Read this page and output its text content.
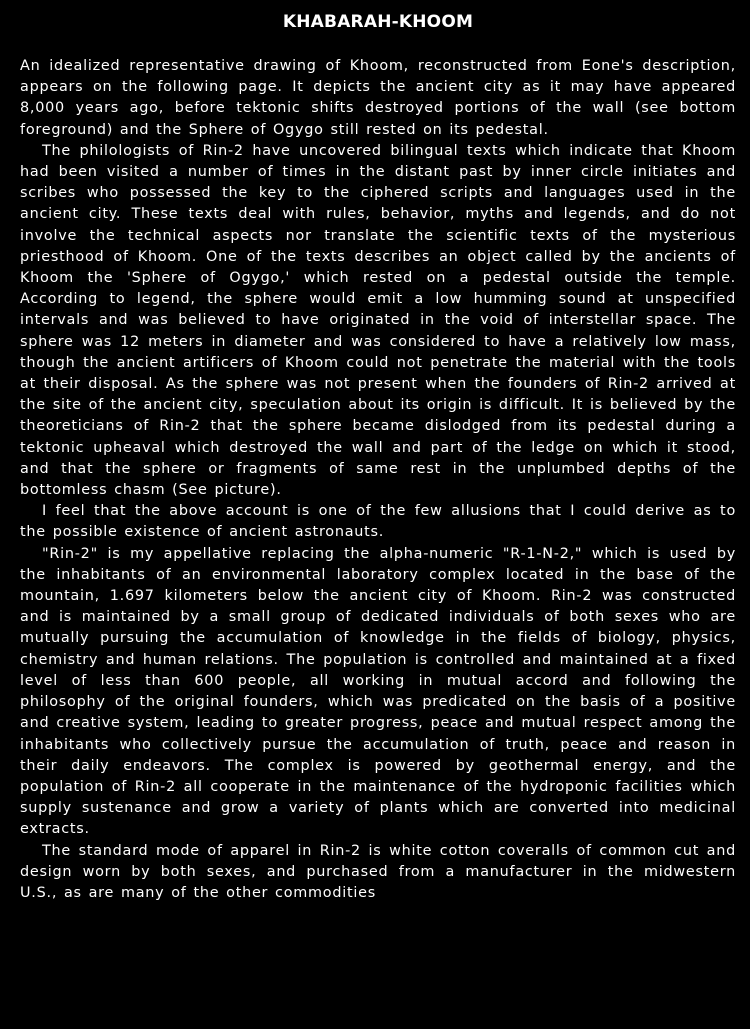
KHABARAH-KHOOM

An idealized representative drawing of Khoom, reconstructed from Eone's description, appears on the following page. It depicts the ancient city as it may have appeared 8,000 years ago, before tektonic shifts destroyed portions of the wall (see bottom foreground) and the Sphere of Ogygo still rested on its pedestal.

The philologists of Rin-2 have uncovered bilingual texts which indicate that Khoom had been visited a number of times in the distant past by inner circle initiates and scribes who possessed the key to the ciphered scripts and languages used in the ancient city. These texts deal with rules, behavior, myths and legends, and do not involve the technical aspects nor translate the scientific texts of the mysterious priesthood of Khoom. One of the texts describes an object called by the ancients of Khoom the 'Sphere of Ogygo,' which rested on a pedestal outside the temple. According to legend, the sphere would emit a low humming sound at unspecified intervals and was believed to have originated in the void of interstellar space. The sphere was 12 meters in diameter and was considered to have a relatively low mass, though the ancient artificers of Khoom could not penetrate the material with the tools at their disposal. As the sphere was not present when the founders of Rin-2 arrived at the site of the ancient city, speculation about its origin is difficult. It is believed by the theoreticians of Rin-2 that the sphere became dislodged from its pedestal during a tektonic upheaval which destroyed the wall and part of the ledge on which it stood, and that the sphere or fragments of same rest in the unplumbed depths of the bottomless chasm (See picture).

I feel that the above account is one of the few allusions that I could derive as to the possible existence of ancient astronauts.

"Rin-2" is my appellative replacing the alpha-numeric "R-1-N-2," which is used by the inhabitants of an environmental laboratory complex located in the base of the mountain, 1.697 kilometers below the ancient city of Khoom. Rin-2 was constructed and is maintained by a small group of dedicated individuals of both sexes who are mutually pursuing the accumulation of knowledge in the fields of biology, physics, chemistry and human relations. The population is controlled and maintained at a fixed level of less than 600 people, all working in mutual accord and following the philosophy of the original founders, which was predicated on the basis of a positive and creative system, leading to greater progress, peace and mutual respect among the inhabitants who collectively pursue the accumulation of truth, peace and reason in their daily endeavors. The complex is powered by geothermal energy, and the population of Rin-2 all cooperate in the maintenance of the hydroponic facilities which supply sustenance and grow a variety of plants which are converted into medicinal extracts.

The standard mode of apparel in Rin-2 is white cotton coveralls of common cut and design worn by both sexes, and purchased from a manufacturer in the midwestern U.S., as are many of the other commodities
